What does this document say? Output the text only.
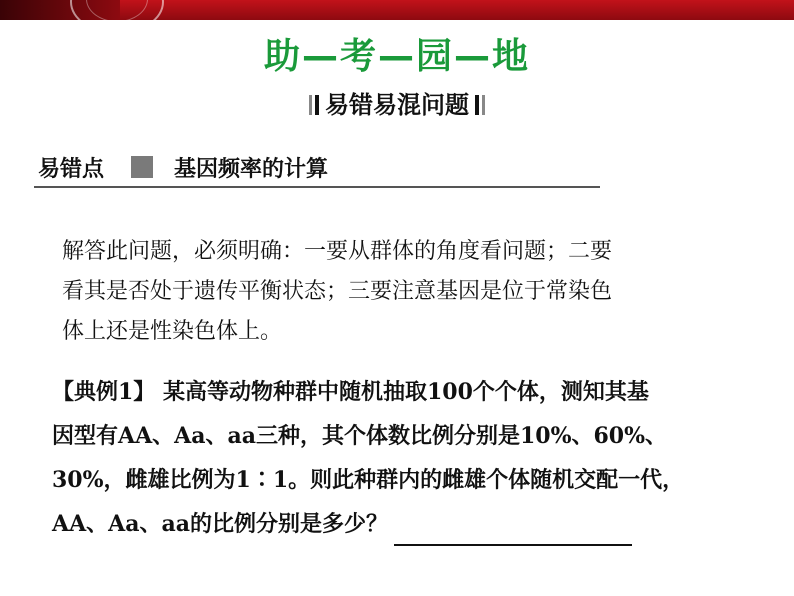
助—考—园—地
易错易混问题
易错点	基因频率的计算
解答此问题，必须明确：一要从群体的角度看问题；二要
看其是否处于遗传平衡状态；三要注意基因是位于常染色
体上还是性染色体上。
【典例1】 某高等动物种群中随机抽取100个个体，测知其基
因型有AA、Aa、aa三种，其个体数比例分别是10%、60%、
30%，雌雄比例为1∶1。则此种群内的雌雄个体随机交配一代，
AA、Aa、aa的比例分别是多少？
